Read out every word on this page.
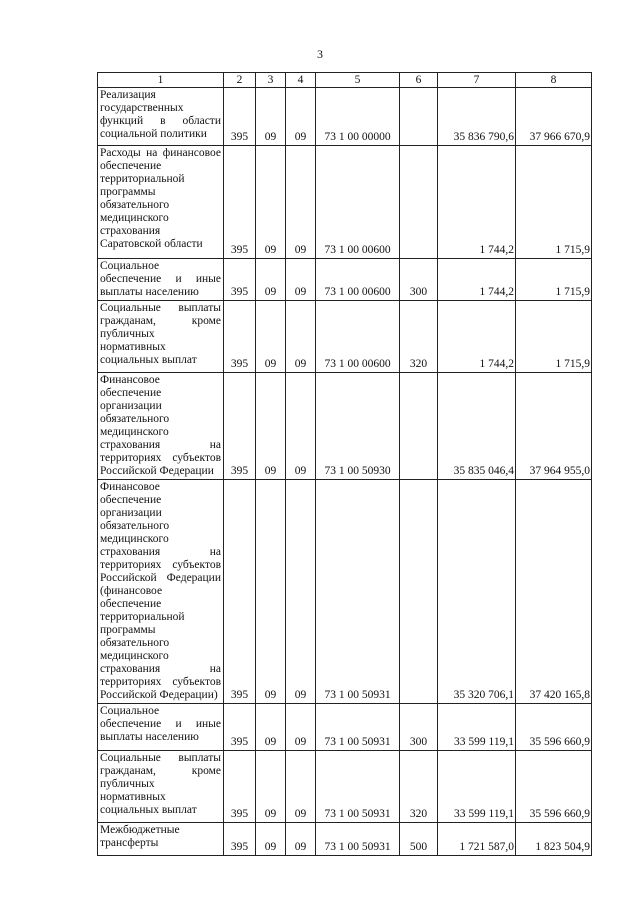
3
1	2	3	4	5	6	7	8
Реализация государственных функций в области социальной политики	395	09	09	73 1 00 00000		35 836 790,6	37 966 670,9
Расходы на финансовое обеспечение территориальной программы обязательного медицинского страхования Саратовской области	395	09	09	73 1 00 00600		1 744,2	1 715,9
Социальное обеспечение и иные выплаты населению	395	09	09	73 1 00 00600	300	1 744,2	1 715,9
Социальные выплаты гражданам, кроме публичных нормативных социальных выплат	395	09	09	73 1 00 00600	320	1 744,2	1 715,9
Финансовое обеспечение организации обязательного медицинского страхования на территориях субъектов Российской Федерации	395	09	09	73 1 00 50930		35 835 046,4	37 964 955,0
Финансовое обеспечение организации обязательного медицинского страхования на территориях субъектов Российской Федерации (финансовое обеспечение территориальной программы обязательного медицинского страхования на территориях субъектов Российской Федерации)	395	09	09	73 1 00 50931		35 320 706,1	37 420 165,8
Социальное обеспечение и иные выплаты населению	395	09	09	73 1 00 50931	300	33 599 119,1	35 596 660,9
Социальные выплаты гражданам, кроме публичных нормативных социальных выплат	395	09	09	73 1 00 50931	320	33 599 119,1	35 596 660,9
Межбюджетные трансферты	395	09	09	73 1 00 50931	500	1 721 587,0	1 823 504,9
